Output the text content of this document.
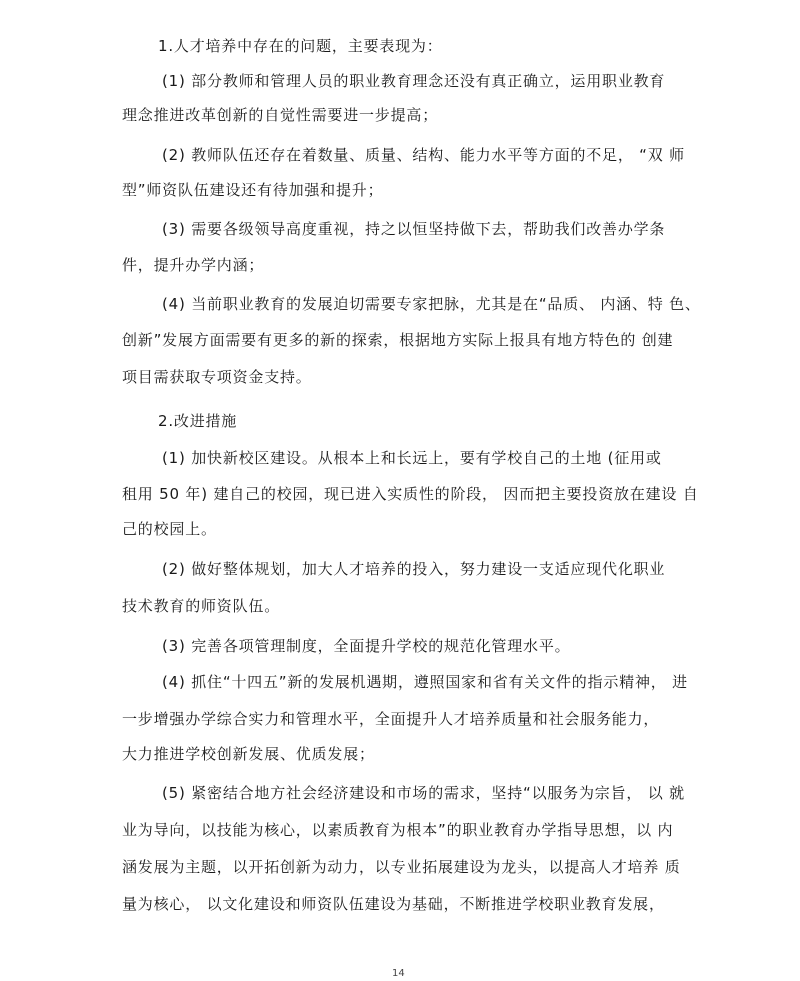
1.人才培养中存在的问题，主要表现为：
(1) 部分教师和管理人员的职业教育理念还没有真正确立，运用职业教育
理念推进改革创新的自觉性需要进一步提高；
(2) 教师队伍还存在着数量、质量、结构、能力水平等方面的不足， “双 师
型”师资队伍建设还有待加强和提升；
(3) 需要各级领导高度重视，持之以恒坚持做下去，帮助我们改善办学条
件，提升办学内涵；
(4) 当前职业教育的发展迫切需要专家把脉，尤其是在“品质、 内涵、特 色、
创新”发展方面需要有更多的新的探索，根据地方实际上报具有地方特色的 创建
项目需获取专项资金支持。
2.改进措施
(1) 加快新校区建设。从根本上和长远上，要有学校自己的土地 (征用或
租用 50 年) 建自己的校园，现已进入实质性的阶段， 因而把主要投资放在建设 自
己的校园上。
(2) 做好整体规划，加大人才培养的投入，努力建设一支适应现代化职业
技术教育的师资队伍。
(3) 完善各项管理制度，全面提升学校的规范化管理水平。
(4) 抓住“十四五”新的发展机遇期，遵照国家和省有关文件的指示精神， 进
一步增强办学综合实力和管理水平，全面提升人才培养质量和社会服务能力，
大力推进学校创新发展、优质发展；
(5) 紧密结合地方社会经济建设和市场的需求，坚持“以服务为宗旨， 以 就
业为导向，以技能为核心，以素质教育为根本”的职业教育办学指导思想，以 内
涵发展为主题，以开拓创新为动力，以专业拓展建设为龙头，以提高人才培养 质
量为核心， 以文化建设和师资队伍建设为基础，不断推进学校职业教育发展，
14
